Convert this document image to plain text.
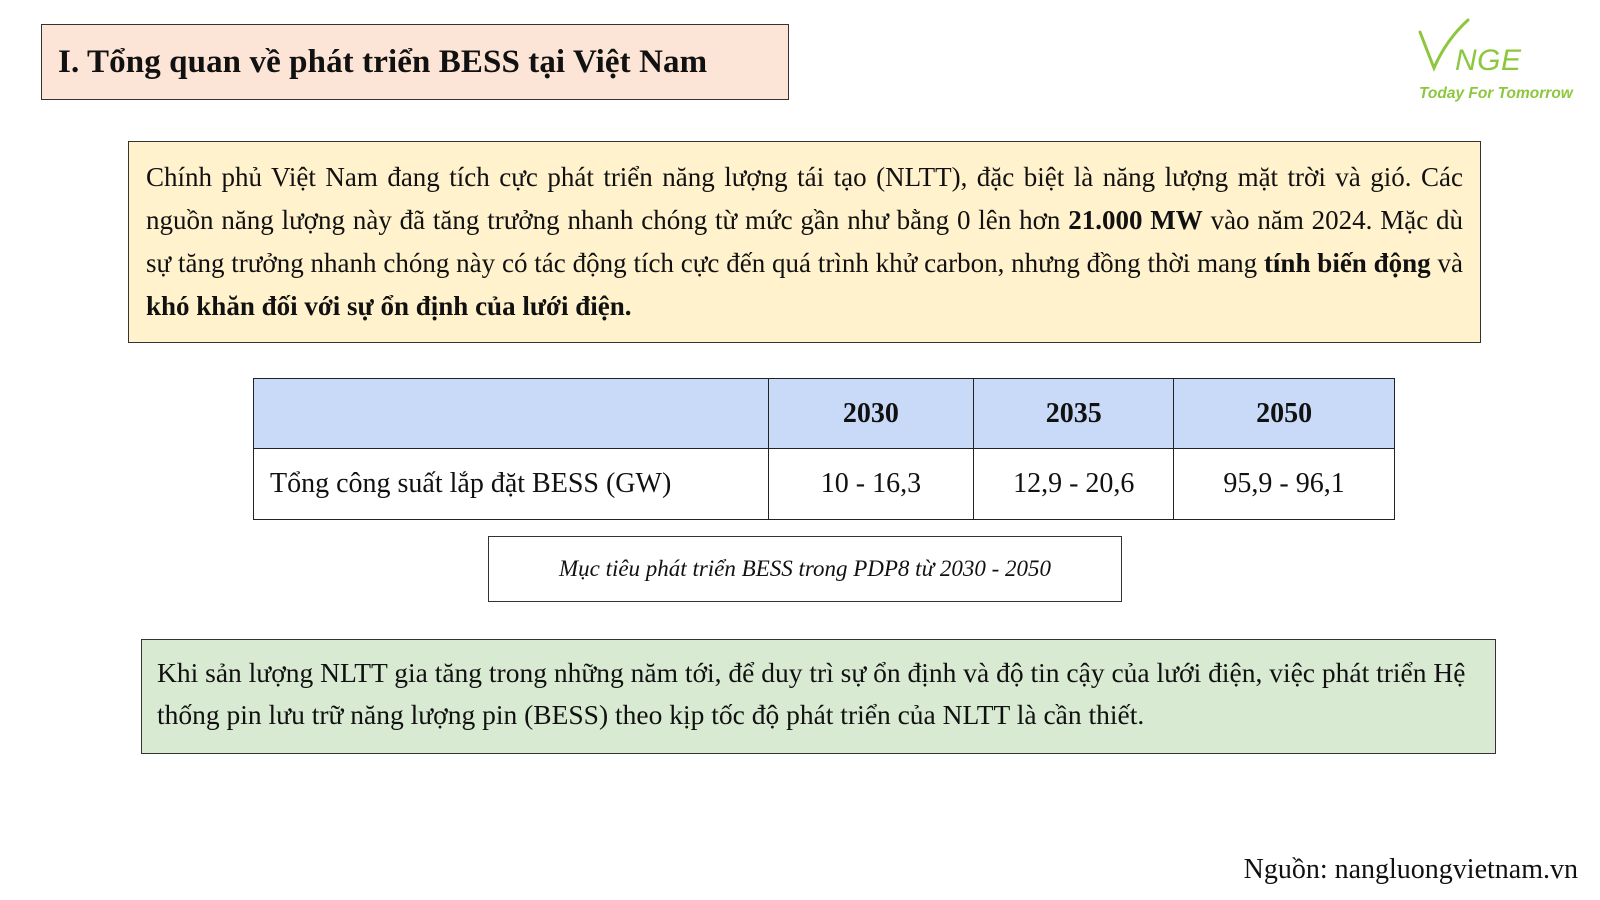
I. Tổng quan về phát triển BESS tại Việt Nam	NGE
Today For Tomorrow
Chính phủ Việt Nam đang tích cực phát triển năng lượng tái tạo (NLTT), đặc biệt là năng lượng mặt trời và gió. Các nguồn năng lượng này đã tăng trưởng nhanh chóng từ mức gần như bằng 0 lên hơn 21.000 MW vào năm 2024. Mặc dù sự tăng trưởng nhanh chóng này có tác động tích cực đến quá trình khử carbon, nhưng đồng thời mang tính biến động và khó khăn đối với sự ổn định của lưới điện.
	2030	2035	2050
Tổng công suất lắp đặt BESS (GW)	10 - 16,3	12,9 - 20,6	95,9 - 96,1
Mục tiêu phát triển BESS trong PDP8 từ 2030 - 2050
Khi sản lượng NLTT gia tăng trong những năm tới, để duy trì sự ổn định và độ tin cậy của lưới điện, việc phát triển Hệ thống pin lưu trữ năng lượng pin (BESS) theo kịp tốc độ phát triển của NLTT là cần thiết.
Nguồn: nangluongvietnam.vn
